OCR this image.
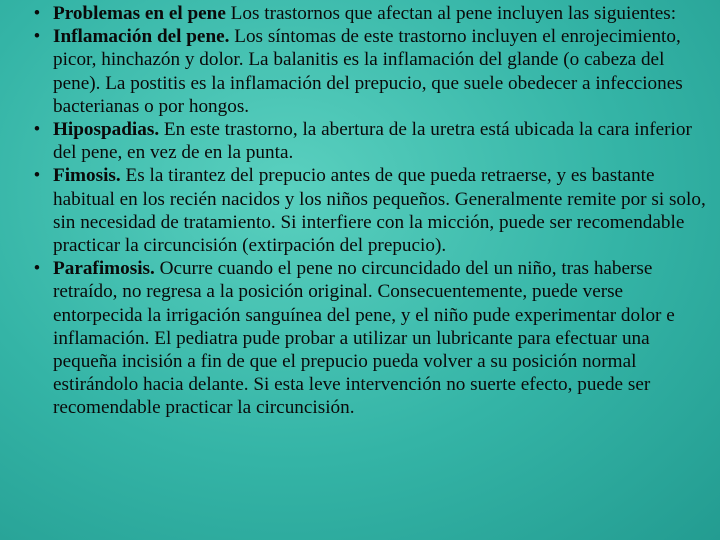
• Problemas en el pene Los trastornos que afectan al pene incluyen las siguientes:
• Inflamación del pene. Los síntomas de este trastorno incluyen el enrojecimiento, picor, hinchazón y dolor. La balanitis es la inflamación del glande (o cabeza del pene). La postitis es la inflamación del prepucio, que suele obedecer a infecciones bacterianas o por hongos.
• Hipospadias. En este trastorno, la abertura de la uretra está ubicada la cara inferior del pene, en vez de en la punta.
• Fimosis. Es la tirantez del prepucio antes de que pueda retraerse, y es bastante habitual en los recién nacidos y los niños pequeños. Generalmente remite por si solo, sin necesidad de tratamiento. Si interfiere con la micción, puede ser recomendable practicar la circuncisión (extirpación del prepucio).
• Parafimosis. Ocurre cuando el pene no circuncidado del un niño, tras haberse retraído, no regresa a la posición original. Consecuentemente, puede verse entorpecida la irrigación sanguínea del pene, y el niño pude experimentar dolor e inflamación. El pediatra pude probar a utilizar un lubricante para efectuar una pequeña incisión a fin de que el prepucio pueda volver a su posición normal estirándolo hacia delante. Si esta leve intervención no suerte efecto, puede ser recomendable practicar la circuncisión.
